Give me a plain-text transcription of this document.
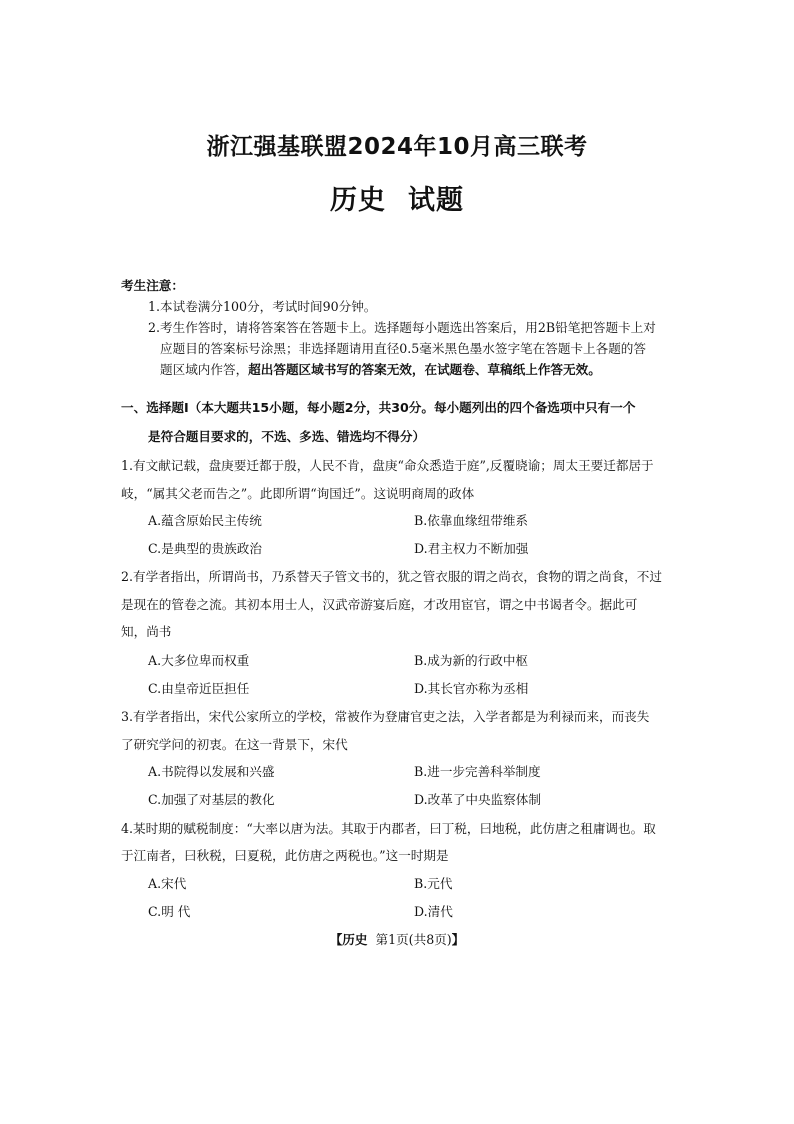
浙江强基联盟2024年10月高三联考
历史 试题
考生注意：
1.本试卷满分100分，考试时间90分钟。
2.考生作答时，请将答案答在答题卡上。选择题每小题选出答案后，用2B铅笔把答题卡上对
应题目的答案标号涂黑；非选择题请用直径0.5毫米黑色墨水签字笔在答题卡上各题的答
题区域内作答，超出答题区域书写的答案无效，在试题卷、草稿纸上作答无效。
一、选择题Ⅰ（本大题共15小题，每小题2分，共30分。每小题列出的四个备选项中只有一个
是符合题目要求的，不选、多选、错选均不得分）
1.有文献记载，盘庚要迁都于殷，人民不肯，盘庚“命众悉造于庭”,反覆晓谕；周太王要迁都居于
岐，“属其父老而告之”。此即所谓“询国迁”。这说明商周的政体
A.蕴含原始民主传统	B.依靠血缘纽带维系
C.是典型的贵族政治	D.君主权力不断加强
2.有学者指出，所谓尚书，乃系替天子管文书的，犹之管衣服的谓之尚衣，食物的谓之尚食，不过
是现在的管卷之流。其初本用士人，汉武帝游宴后庭，才改用宦官，谓之中书谒者令。据此可
知，尚书
A.大多位卑而权重	B.成为新的行政中枢
C.由皇帝近臣担任	D.其长官亦称为丞相
3.有学者指出，宋代公家所立的学校，常被作为登庸官吏之法，入学者都是为利禄而来，而丧失
了研究学问的初衷。在这一背景下，宋代
A.书院得以发展和兴盛	B.进一步完善科举制度
C.加强了对基层的教化	D.改革了中央监察体制
4.某时期的赋税制度：“大率以唐为法。其取于内郡者，曰丁税，曰地税，此仿唐之租庸调也。取
于江南者，曰秋税，曰夏税，此仿唐之两税也。”这一时期是
A.宋代	B.元代
C.明 代	D.清代
【历史 第1页(共8页)】
